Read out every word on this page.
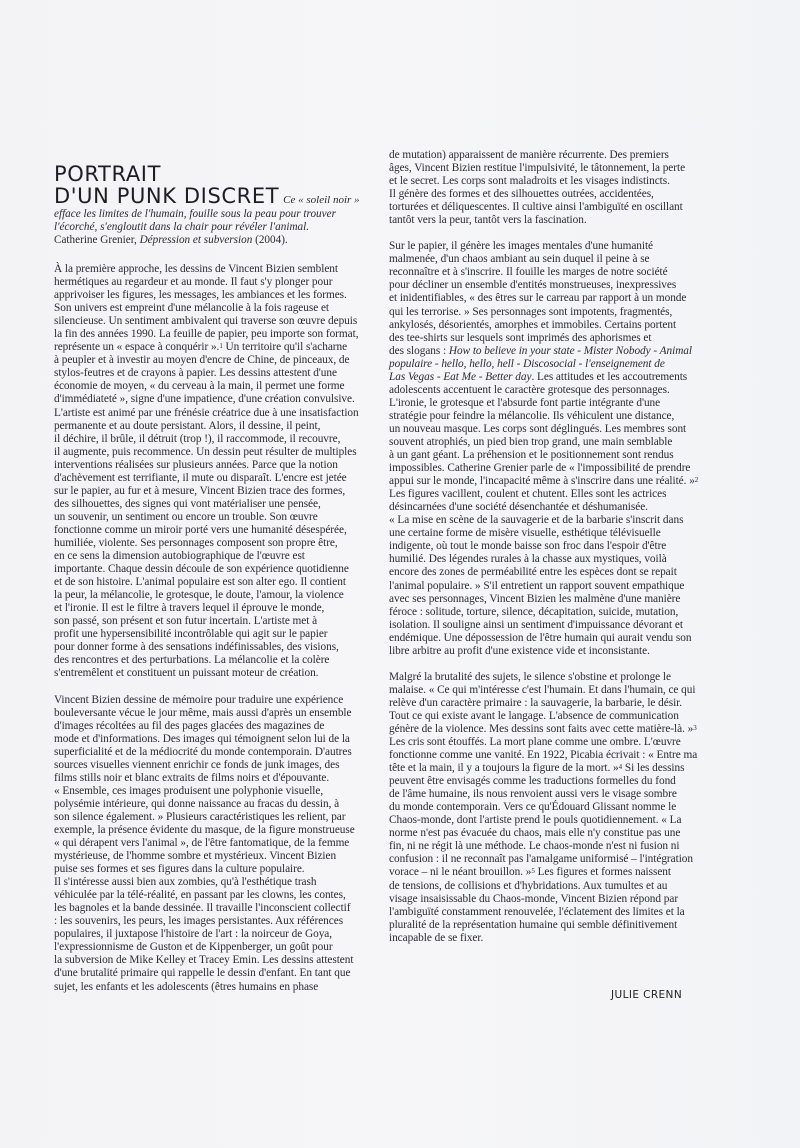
PORTRAIT
D'UN PUNK DISCRET Ce « soleil noir »
efface les limites de l'humain, fouille sous la peau pour trouver
l'écorché, s'engloutit dans la chair pour révéler l'animal.
Catherine Grenier, Dépression et subversion (2004).
À la première approche, les dessins de Vincent Bizien semblent
hermétiques au regardeur et au monde. Il faut s'y plonger pour
apprivoiser les figures, les messages, les ambiances et les formes.
Son univers est empreint d'une mélancolie à la fois rageuse et
silencieuse. Un sentiment ambivalent qui traverse son œuvre depuis
la fin des années 1990. La feuille de papier, peu importe son format,
représente un « espace à conquérir ».$^1$ Un territoire qu'il s'acharne
à peupler et à investir au moyen d'encre de Chine, de pinceaux, de
stylos-feutres et de crayons à papier. Les dessins attestent d'une
économie de moyen, « du cerveau à la main, il permet une forme
d'immédiateté », signe d'une impatience, d'une création convulsive.
L'artiste est animé par une frénésie créatrice due à une insatisfaction
permanente et au doute persistant. Alors, il dessine, il peint,
il déchire, il brûle, il détruit (trop !), il raccommode, il recouvre,
il augmente, puis recommence. Un dessin peut résulter de multiples
interventions réalisées sur plusieurs années. Parce que la notion
d'achèvement est terrifiante, il mute ou disparaît. L'encre est jetée
sur le papier, au fur et à mesure, Vincent Bizien trace des formes,
des silhouettes, des signes qui vont matérialiser une pensée,
un souvenir, un sentiment ou encore un trouble. Son œuvre
fonctionne comme un miroir porté vers une humanité désespérée,
humiliée, violente. Ses personnages composent son propre être,
en ce sens la dimension autobiographique de l'œuvre est
importante. Chaque dessin découle de son expérience quotidienne
et de son histoire. L'animal populaire est son alter ego. Il contient
la peur, la mélancolie, le grotesque, le doute, l'amour, la violence
et l'ironie. Il est le filtre à travers lequel il éprouve le monde,
son passé, son présent et son futur incertain. L'artiste met à
profit une hypersensibilité incontrôlable qui agit sur le papier
pour donner forme à des sensations indéfinissables, des visions,
des rencontres et des perturbations. La mélancolie et la colère
s'entremêlent et constituent un puissant moteur de création.
Vincent Bizien dessine de mémoire pour traduire une expérience
bouleversante vécue le jour même, mais aussi d'après un ensemble
d'images récoltées au fil des pages glacées des magazines de
mode et d'informations. Des images qui témoignent selon lui de la
superficialité et de la médiocrité du monde contemporain. D'autres
sources visuelles viennent enrichir ce fonds de junk images, des
films stills noir et blanc extraits de films noirs et d'épouvante.
« Ensemble, ces images produisent une polyphonie visuelle,
polysémie intérieure, qui donne naissance au fracas du dessin, à
son silence également. » Plusieurs caractéristiques les relient, par
exemple, la présence évidente du masque, de la figure monstrueuse
« qui dérapent vers l'animal », de l'être fantomatique, de la femme
mystérieuse, de l'homme sombre et mystérieux. Vincent Bizien
puise ses formes et ses figures dans la culture populaire.
Il s'intéresse aussi bien aux zombies, qu'à l'esthétique trash
véhiculée par la télé-réalité, en passant par les clowns, les contes,
les bagnoles et la bande dessinée. Il travaille l'inconscient collectif
: les souvenirs, les peurs, les images persistantes. Aux références
populaires, il juxtapose l'histoire de l'art : la noirceur de Goya,
l'expressionnisme de Guston et de Kippenberger, un goût pour
la subversion de Mike Kelley et Tracey Emin. Les dessins attestent
d'une brutalité primaire qui rappelle le dessin d'enfant. En tant que
sujet, les enfants et les adolescents (êtres humains en phase
de mutation) apparaissent de manière récurrente. Des premiers
âges, Vincent Bizien restitue l'impulsivité, le tâtonnement, la perte
et le secret. Les corps sont maladroits et les visages indistincts.
Il génère des formes et des silhouettes outrées, accidentées,
torturées et déliquescentes. Il cultive ainsi l'ambiguïté en oscillant
tantôt vers la peur, tantôt vers la fascination.
Sur le papier, il génère les images mentales d'une humanité
malmenée, d'un chaos ambiant au sein duquel il peine à se
reconnaître et à s'inscrire. Il fouille les marges de notre société
pour décliner un ensemble d'entités monstrueuses, inexpressives
et inidentifiables, « des êtres sur le carreau par rapport à un monde
qui les terrorise. » Ses personnages sont impotents, fragmentés,
ankylosés, désorientés, amorphes et immobiles. Certains portent
des tee-shirts sur lesquels sont imprimés des aphorismes et
des slogans : How to believe in your state - Mister Nobody - Animal
populaire - hello, hello, hell - Discosocial - l'enseignement de
Las Vegas - Eat Me - Better day. Les attitudes et les accoutrements
adolescents accentuent le caractère grotesque des personnages.
L'ironie, le grotesque et l'absurde font partie intégrante d'une
stratégie pour feindre la mélancolie. Ils véhiculent une distance,
un nouveau masque. Les corps sont déglingués. Les membres sont
souvent atrophiés, un pied bien trop grand, une main semblable
à un gant géant. La préhension et le positionnement sont rendus
impossibles. Catherine Grenier parle de « l'impossibilité de prendre
appui sur le monde, l'incapacité même à s'inscrire dans une réalité. »$^2$
Les figures vacillent, coulent et chutent. Elles sont les actrices
désincarnées d'une société désenchantée et déshumanisée.
« La mise en scène de la sauvagerie et de la barbarie s'inscrit dans
une certaine forme de misère visuelle, esthétique télévisuelle
indigente, où tout le monde baisse son froc dans l'espoir d'être
humilié. Des légendes rurales à la chasse aux mystiques, voilà
encore des zones de perméabilité entre les espèces dont se repait
l'animal populaire. » S'il entretient un rapport souvent empathique
avec ses personnages, Vincent Bizien les malmène d'une manière
féroce : solitude, torture, silence, décapitation, suicide, mutation,
isolation. Il souligne ainsi un sentiment d'impuissance dévorant et
endémique. Une dépossession de l'être humain qui aurait vendu son
libre arbitre au profit d'une existence vide et inconsistante.
Malgré la brutalité des sujets, le silence s'obstine et prolonge le
malaise. « Ce qui m'intéresse c'est l'humain. Et dans l'humain, ce qui
relève d'un caractère primaire : la sauvagerie, la barbarie, le désir.
Tout ce qui existe avant le langage. L'absence de communication
génère de la violence. Mes dessins sont faits avec cette matière-là. »$^3$
Les cris sont étouffés. La mort plane comme une ombre. L'œuvre
fonctionne comme une vanité. En 1922, Picabia écrivait : « Entre ma
tête et la main, il y a toujours la figure de la mort. »$^4$ Si les dessins
peuvent être envisagés comme les traductions formelles du fond
de l'âme humaine, ils nous renvoient aussi vers le visage sombre
du monde contemporain. Vers ce qu'Édouard Glissant nomme le
Chaos-monde, dont l'artiste prend le pouls quotidiennement. « La
norme n'est pas évacuée du chaos, mais elle n'y constitue pas une
fin, ni ne régit là une méthode. Le chaos-monde n'est ni fusion ni
confusion : il ne reconnaît pas l'amalgame uniformisé – l'intégration
vorace – ni le néant brouillon. »$^5$ Les figures et formes naissent
de tensions, de collisions et d'hybridations. Aux tumultes et au
visage insaisissable du Chaos-monde, Vincent Bizien répond par
l'ambiguïté constamment renouvelée, l'éclatement des limites et la
pluralité de la représentation humaine qui semble définitivement
incapable de se fixer.
JULIE CRENN
